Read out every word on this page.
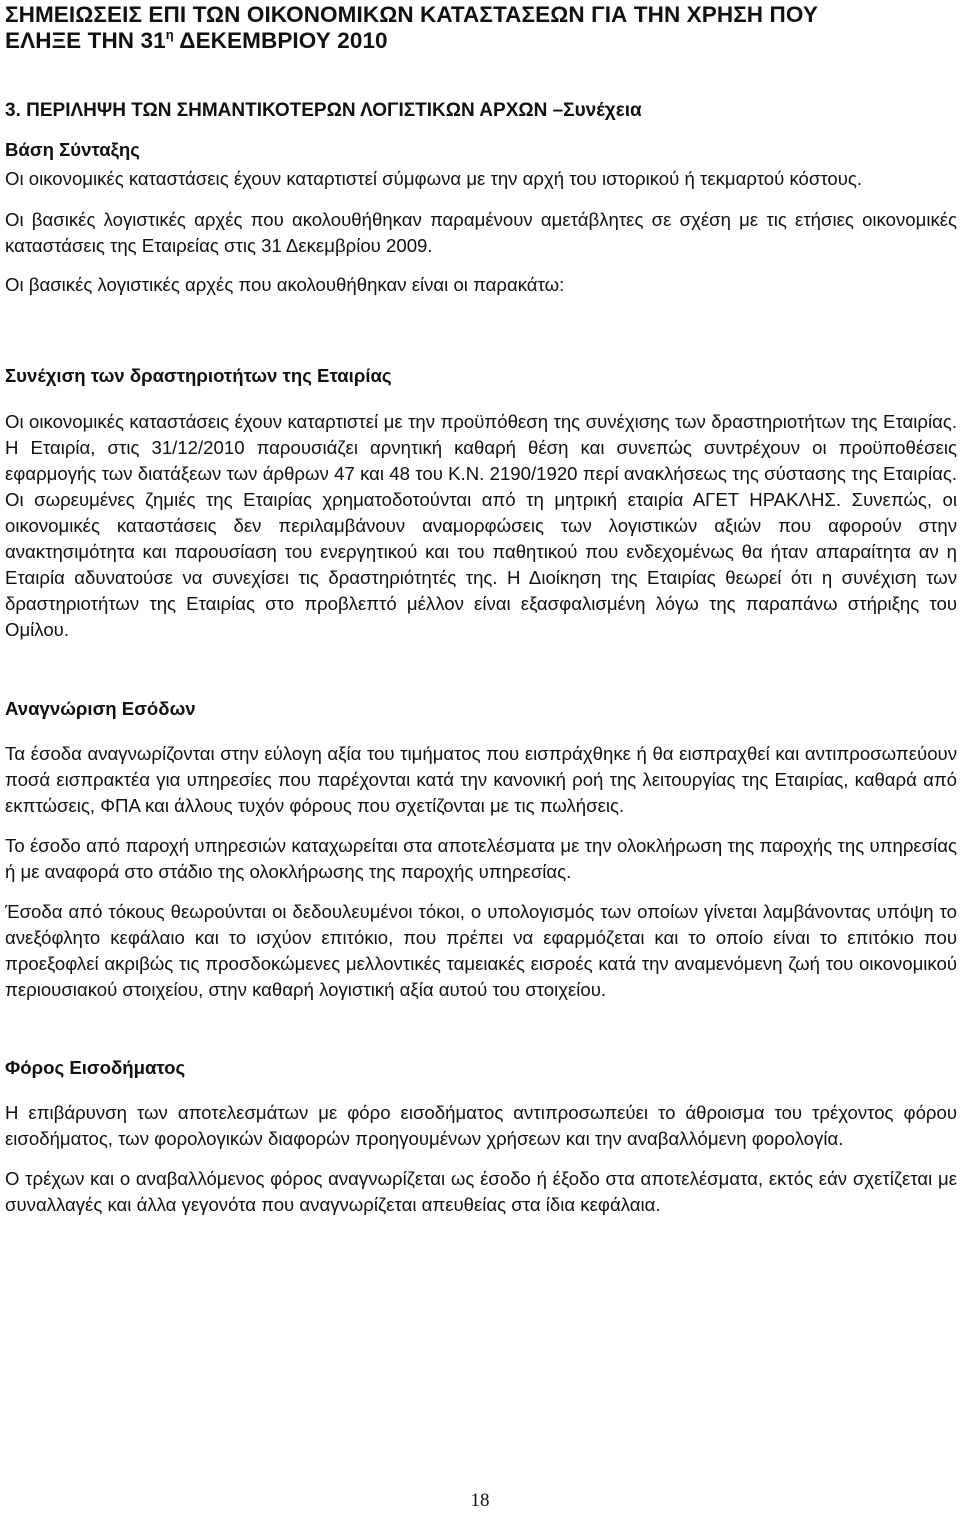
ΣΗΜΕΙΩΣΕΙΣ ΕΠΙ ΤΩΝ ΟΙΚΟΝΟΜΙΚΩΝ ΚΑΤΑΣΤΑΣΕΩΝ ΓΙΑ ΤΗΝ ΧΡΗΣΗ ΠΟΥ
ΕΛΗΞΕ ΤΗΝ $31^\eta$ ΔΕΚΕΜΒΡΙΟΥ 2010
3. ΠΕΡΙΛΗΨΗ ΤΩΝ ΣΗΜΑΝΤΙΚΟΤΕΡΩΝ ΛΟΓΙΣΤΙΚΩΝ ΑΡΧΩΝ –Συνέχεια
Βάση Σύνταξης

Οι οικονομικές καταστάσεις έχουν καταρτιστεί σύμφωνα με την αρχή του ιστορικού ή τεκμαρτού κόστους.

Οι βασικές λογιστικές αρχές που ακολουθήθηκαν παραμένουν αμετάβλητες σε σχέση με τις ετήσιες οικονομικές καταστάσεις της Εταιρείας στις 31 Δεκεμβρίου 2009.

Οι βασικές λογιστικές αρχές που ακολουθήθηκαν είναι οι παρακάτω:

Συνέχιση των δραστηριοτήτων της Εταιρίας

Οι οικονομικές καταστάσεις έχουν καταρτιστεί με την προϋπόθεση της συνέχισης των δραστηριοτήτων της Εταιρίας. Η Εταιρία, στις 31/12/2010 παρουσιάζει αρνητική καθαρή θέση και συνεπώς συντρέχουν οι προϋποθέσεις εφαρμογής των διατάξεων των άρθρων 47 και 48 του Κ.Ν. 2190/1920 περί ανακλήσεως της σύστασης της Εταιρίας. Οι σωρευμένες ζημιές της Εταιρίας χρηματοδοτούνται από τη μητρική εταιρία ΑΓΕΤ ΗΡΑΚΛΗΣ. Συνεπώς, οι οικονομικές καταστάσεις δεν περιλαμβάνουν αναμορφώσεις των λογιστικών αξιών που αφορούν στην ανακτησιμότητα και παρουσίαση του ενεργητικού και του παθητικού που ενδεχομένως θα ήταν απαραίτητα αν η Εταιρία αδυνατούσε να συνεχίσει τις δραστηριότητές της. Η Διοίκηση της Εταιρίας θεωρεί ότι η συνέχιση των δραστηριοτήτων της Εταιρίας στο προβλεπτό μέλλον είναι εξασφαλισμένη λόγω της παραπάνω στήριξης του Ομίλου.

Αναγνώριση Εσόδων

Τα έσοδα αναγνωρίζονται στην εύλογη αξία του τιμήματος που εισπράχθηκε ή θα εισπραχθεί και αντιπροσωπεύουν ποσά εισπρακτέα για υπηρεσίες που παρέχονται κατά την κανονική ροή της λειτουργίας της Εταιρίας, καθαρά από εκπτώσεις, ΦΠΑ και άλλους τυχόν φόρους που σχετίζονται με τις πωλήσεις.

Το έσοδο από παροχή υπηρεσιών καταχωρείται στα αποτελέσματα με την ολοκλήρωση της παροχής της υπηρεσίας ή με αναφορά στο στάδιο της ολοκλήρωσης της παροχής υπηρεσίας.

Έσοδα από τόκους θεωρούνται οι δεδουλευμένοι τόκοι, ο υπολογισμός των οποίων γίνεται λαμβάνοντας υπόψη το ανεξόφλητο κεφάλαιο και το ισχύον επιτόκιο, που πρέπει να εφαρμόζεται και το οποίο είναι το επιτόκιο που προεξοφλεί ακριβώς τις προσδοκώμενες μελλοντικές ταμειακές εισροές κατά την αναμενόμενη ζωή του οικονομικού περιουσιακού στοιχείου, στην καθαρή λογιστική αξία αυτού του στοιχείου.

Φόρος Εισοδήματος

Η επιβάρυνση των αποτελεσμάτων με φόρο εισοδήματος αντιπροσωπεύει το άθροισμα του τρέχοντος φόρου εισοδήματος, των φορολογικών διαφορών προηγουμένων χρήσεων και την αναβαλλόμενη φορολογία.

Ο τρέχων και ο αναβαλλόμενος φόρος αναγνωρίζεται ως έσοδο ή έξοδο στα αποτελέσματα, εκτός εάν σχετίζεται με συναλλαγές και άλλα γεγονότα που αναγνωρίζεται απευθείας στα ίδια κεφάλαια.

18
